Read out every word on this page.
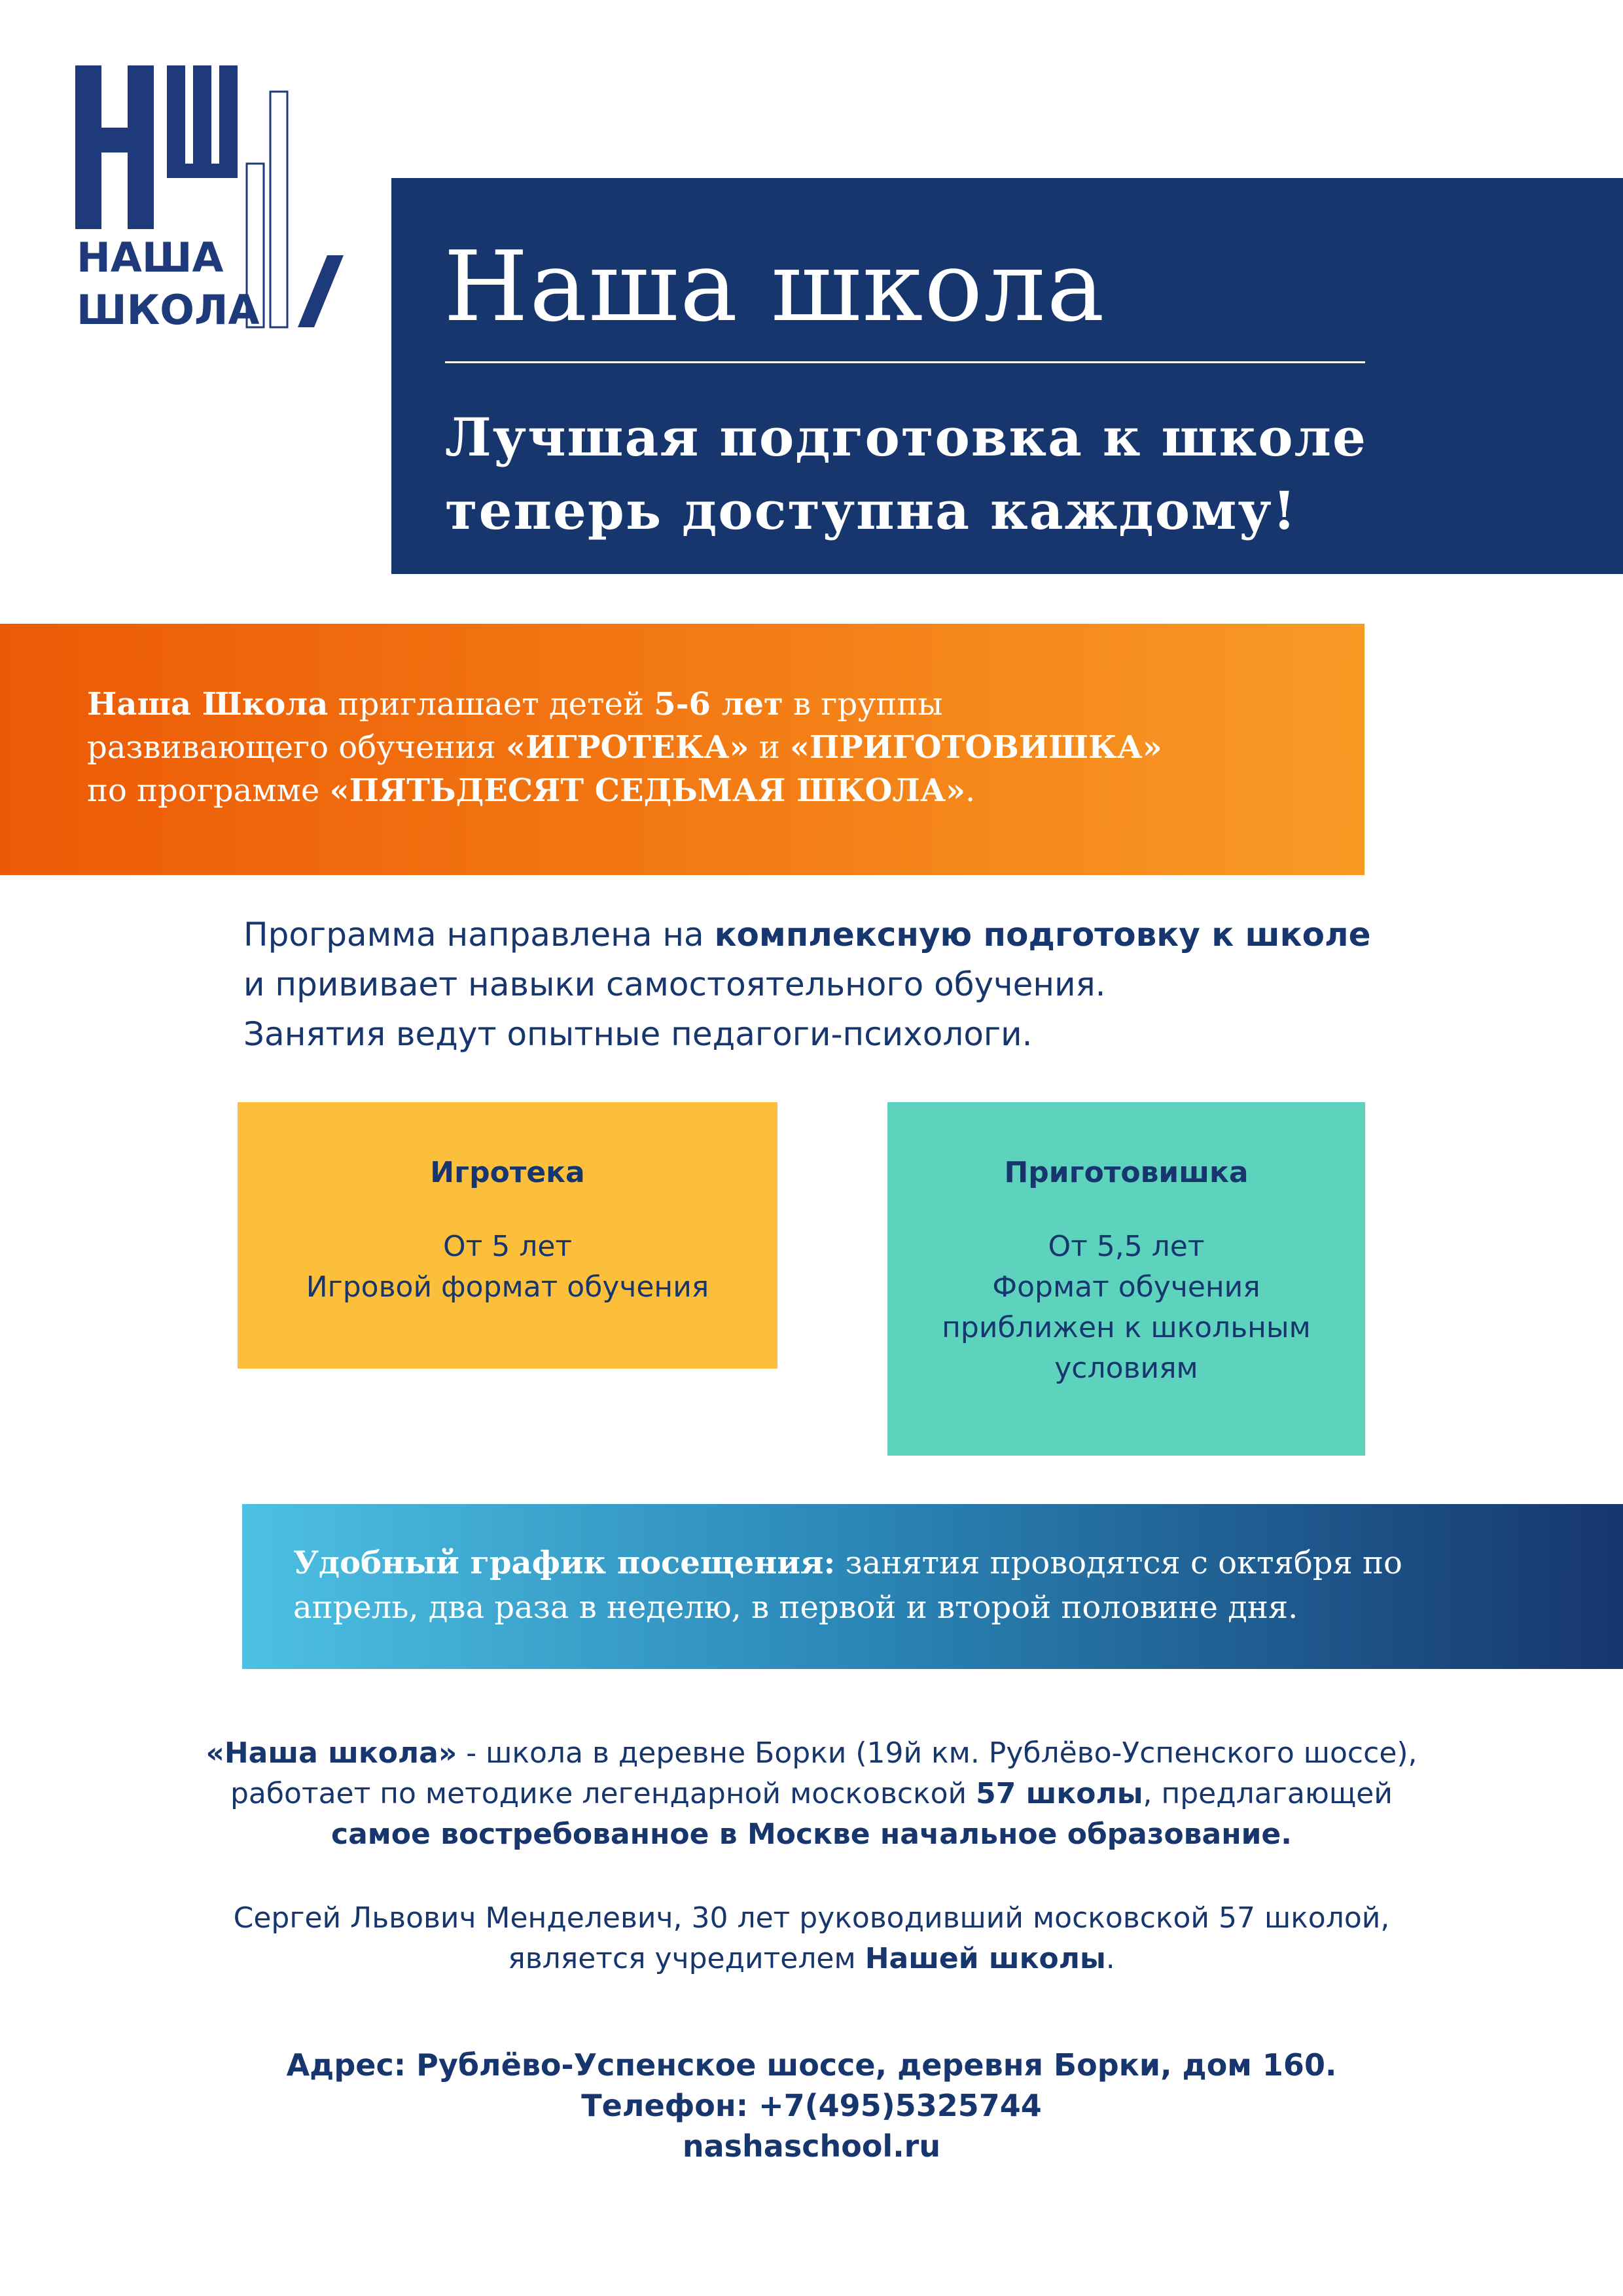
НАША
ШКОЛА Наша школа
Лучшая подготовка к школе
теперь доступна каждому!
Наша Школа приглашает детей 5-6 лет в группы
развивающего обучения «ИГРОТЕКА» и «ПРИГОТОВИШКА»
по программе «ПЯТЬДЕСЯТ СЕДЬМАЯ ШКОЛА».
Программа направлена на комплексную подготовку к школе
и прививает навыки самостоятельного обучения.
Занятия ведут опытные педагоги-психологи.
Игротека
От 5 лет
Игровой формат обучения
Приготовишка
От 5,5 лет
Формат обучения
приближен к школьным
условиям
Удобный график посещения: занятия проводятся с октября по
апрель, два раза в неделю, в первой и второй половине дня.
«Наша школа» - школа в деревне Борки (19й км. Рублёво-Успенского шоссе),
работает по методике легендарной московской 57 школы, предлагающей
самое востребованное в Москве начальное образование.
Сергей Львович Менделевич, 30 лет руководивший московской 57 школой,
является учредителем Нашей школы.
Адрес: Рублёво-Успенское шоссе, деревня Борки, дом 160.
Телефон: +7(495)5325744
nashaschool.ru
